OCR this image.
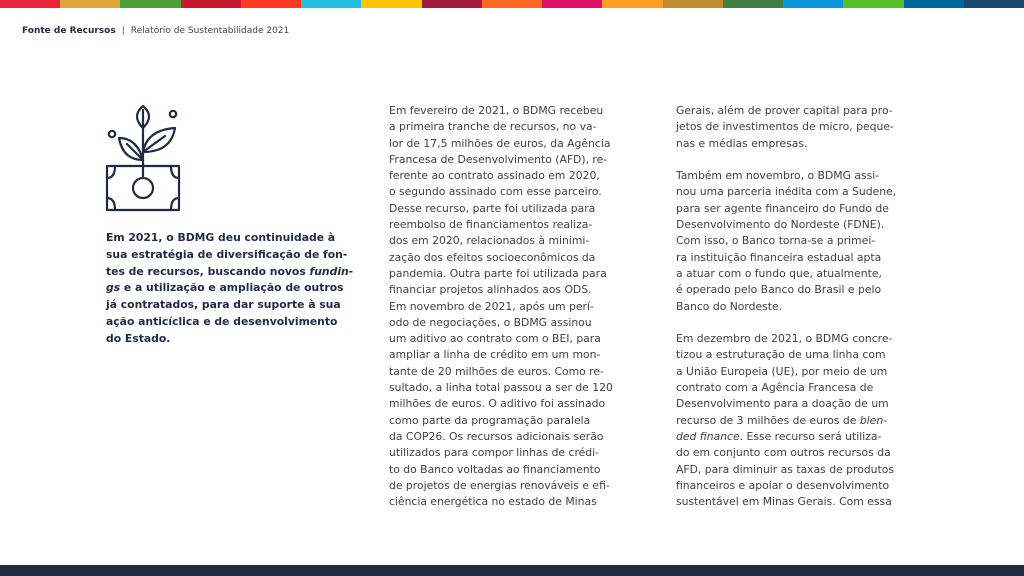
Fonte de Recursos | Relatório de Sustentabilidade 2021
Em 2021, o BDMG deu continuidade à
sua estratégia de diversificação de fon-
tes de recursos, buscando novos fundin-
gs e a utilização e ampliação de outros
já contratados, para dar suporte à sua
ação anticíclica e de desenvolvimento
do Estado.
Em fevereiro de 2021, o BDMG recebeu
a primeira tranche de recursos, no va-
lor de 17,5 milhões de euros, da Agência
Francesa de Desenvolvimento (AFD), re-
ferente ao contrato assinado em 2020,
o segundo assinado com esse parceiro.
Desse recurso, parte foi utilizada para
reembolso de financiamentos realiza-
dos em 2020, relacionados à minimi-
zação dos efeitos socioeconômicos da
pandemia. Outra parte foi utilizada para
financiar projetos alinhados aos ODS.
Em novembro de 2021, após um perí-
odo de negociações, o BDMG assinou
um aditivo ao contrato com o BEI, para
ampliar a linha de crédito em um mon-
tante de 20 milhões de euros. Como re-
sultado, a linha total passou a ser de 120
milhões de euros. O aditivo foi assinado
como parte da programação paralela
da COP26. Os recursos adicionais serão
utilizados para compor linhas de crédi-
to do Banco voltadas ao financiamento
de projetos de energias renováveis e efi-
ciência energética no estado de Minas

Gerais, além de prover capital para pro-
jetos de investimentos de micro, peque-
nas e médias empresas.

Também em novembro, o BDMG assi-
nou uma parceria inédita com a Sudene,
para ser agente financeiro do Fundo de
Desenvolvimento do Nordeste (FDNE).
Com isso, o Banco torna-se a primei-
ra instituição financeira estadual apta
a atuar com o fundo que, atualmente,
é operado pelo Banco do Brasil e pelo
Banco do Nordeste.

Em dezembro de 2021, o BDMG concre-
tizou a estruturação de uma linha com
a União Europeia (UE), por meio de um
contrato com a Agência Francesa de
Desenvolvimento para a doação de um
recurso de 3 milhões de euros de blen-
ded finance. Esse recurso será utiliza-
do em conjunto com outros recursos da
AFD, para diminuir as taxas de produtos
financeiros e apoiar o desenvolvimento
sustentável em Minas Gerais. Com essa
